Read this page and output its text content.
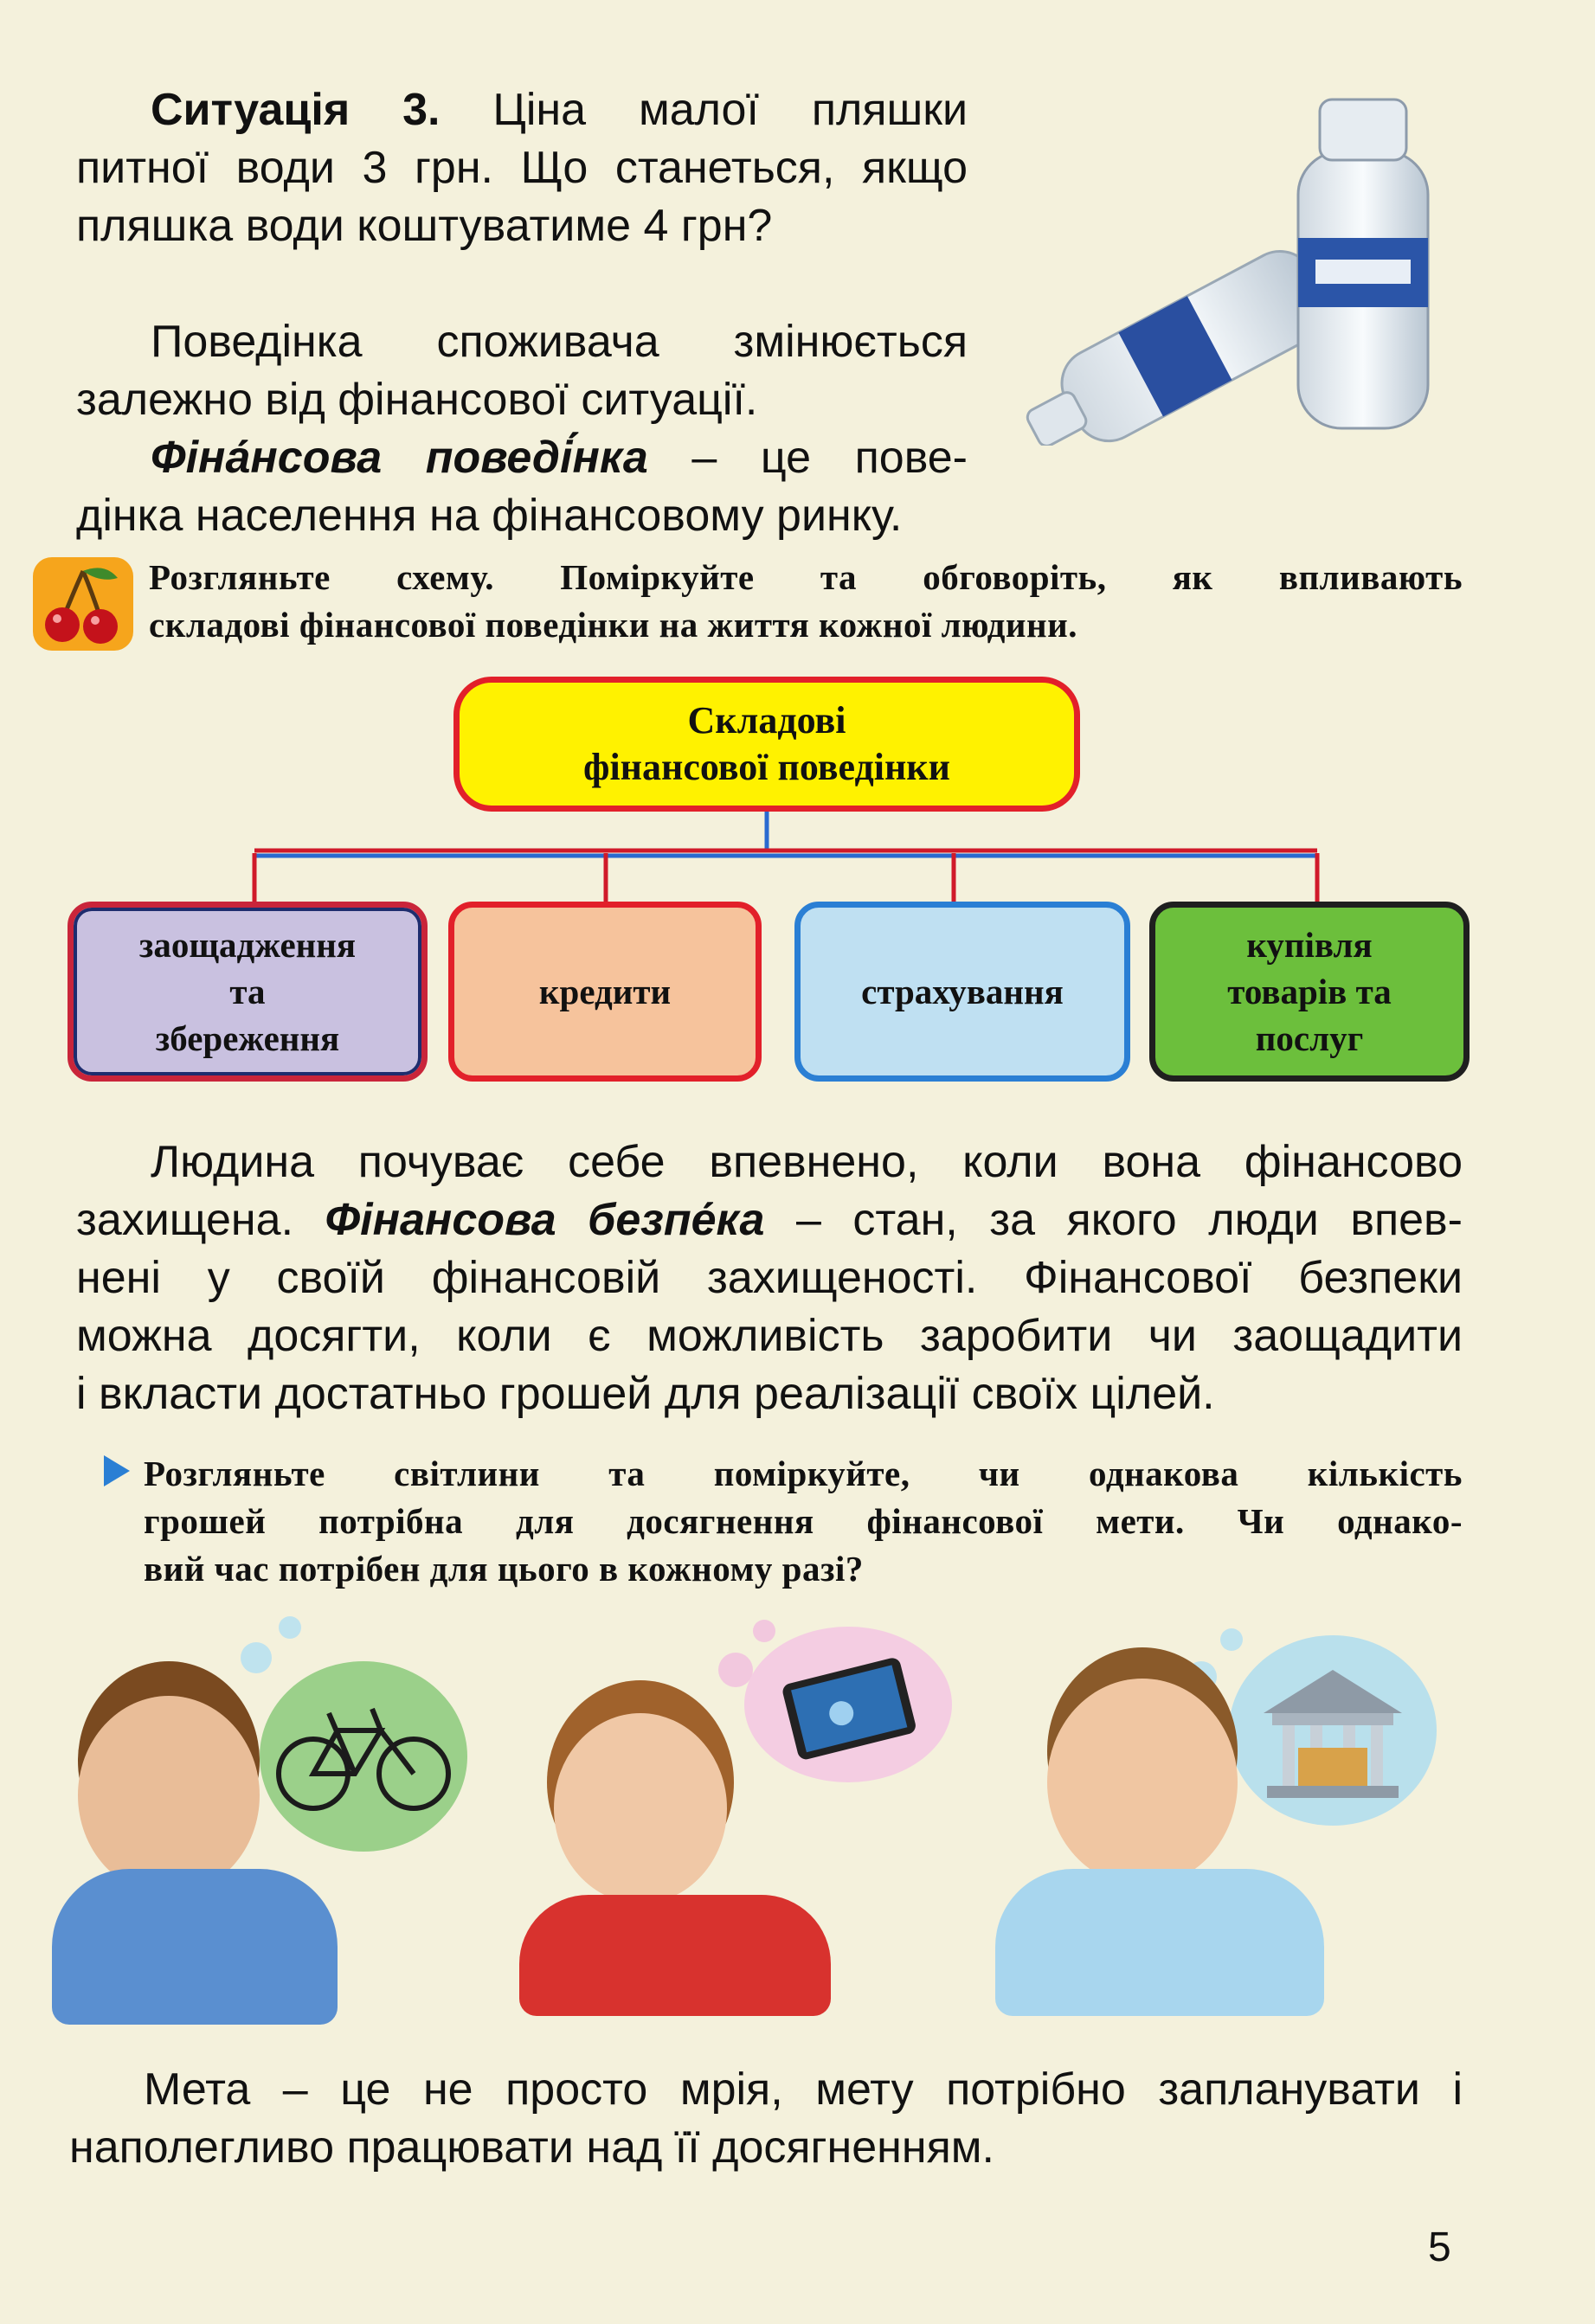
Ситуація 3. Ціна малої пляшки
питної води 3 грн. Що станеться, якщо
пляшка води коштуватиме 4 грн?
Поведінка споживача змінюється
залежно від фінансової ситуації.
Фіна́нсова поведі́нка – це пове-
дінка населення на фінансовому ринку.
Розгляньте схему. Поміркуйте та обговоріть, як впливають
складові фінансової поведінки на життя кожної людини.
Складові
фінансової поведінки
заощадження
та
збереження
кредити	страхування
купівля
товарів та
послуг
Людина почуває себе впевнено, коли вона фінансово
захищена. Фінансова безпе́ка – стан, за якого люди впев-
нені у своїй фінансовій захищеності. Фінансової безпеки
можна досягти, коли є можливість заробити чи заощадити
і вкласти достатньо грошей для реалізації своїх цілей.
Розгляньте світлини та поміркуйте, чи однакова кількість
грошей потрібна для досягнення фінансової мети. Чи однако-
вий час потрібен для цього в кожному разі?
Мета – це не просто мрія, мету потрібно запланувати і
наполегливо працювати над її досягненням.
5
